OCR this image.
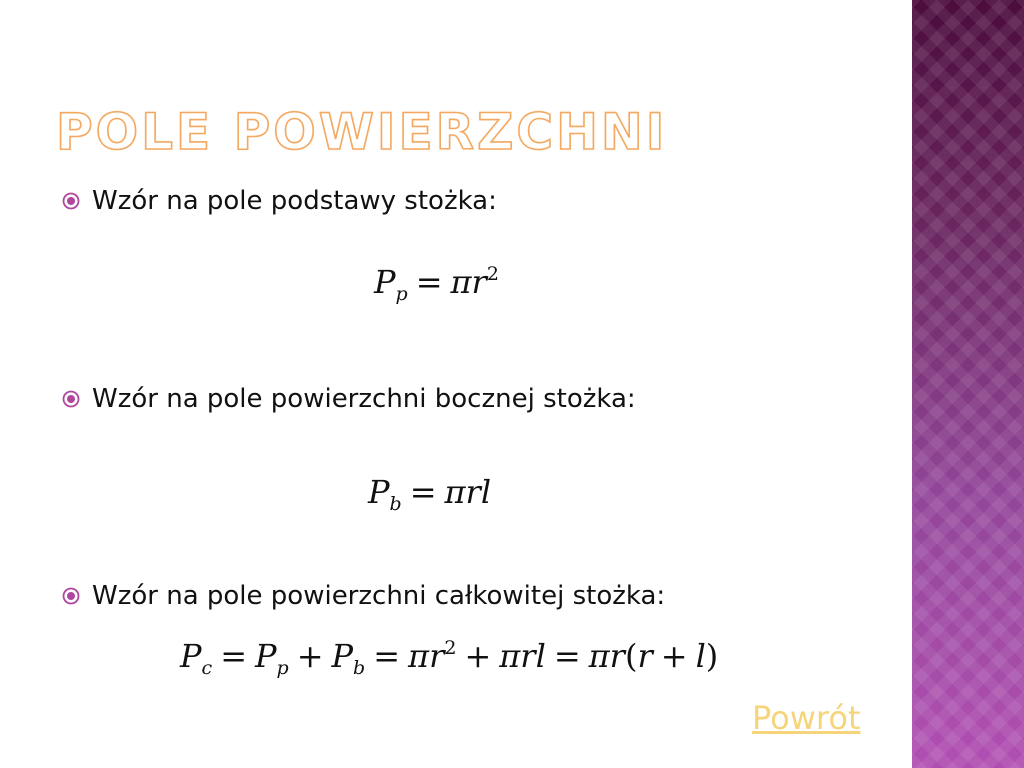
POLE POWIERZCHNI
Wzór na pole podstawy stożka:
$P_p = \pi r^2$
Wzór na pole powierzchni bocznej stożka:
$P_b = \pi rl$
Wzór na pole powierzchni całkowitej stożka:
$P_c = P_p + P_b = \pi r^2 + \pi rl = \pi r(r + l)$
Powrót
